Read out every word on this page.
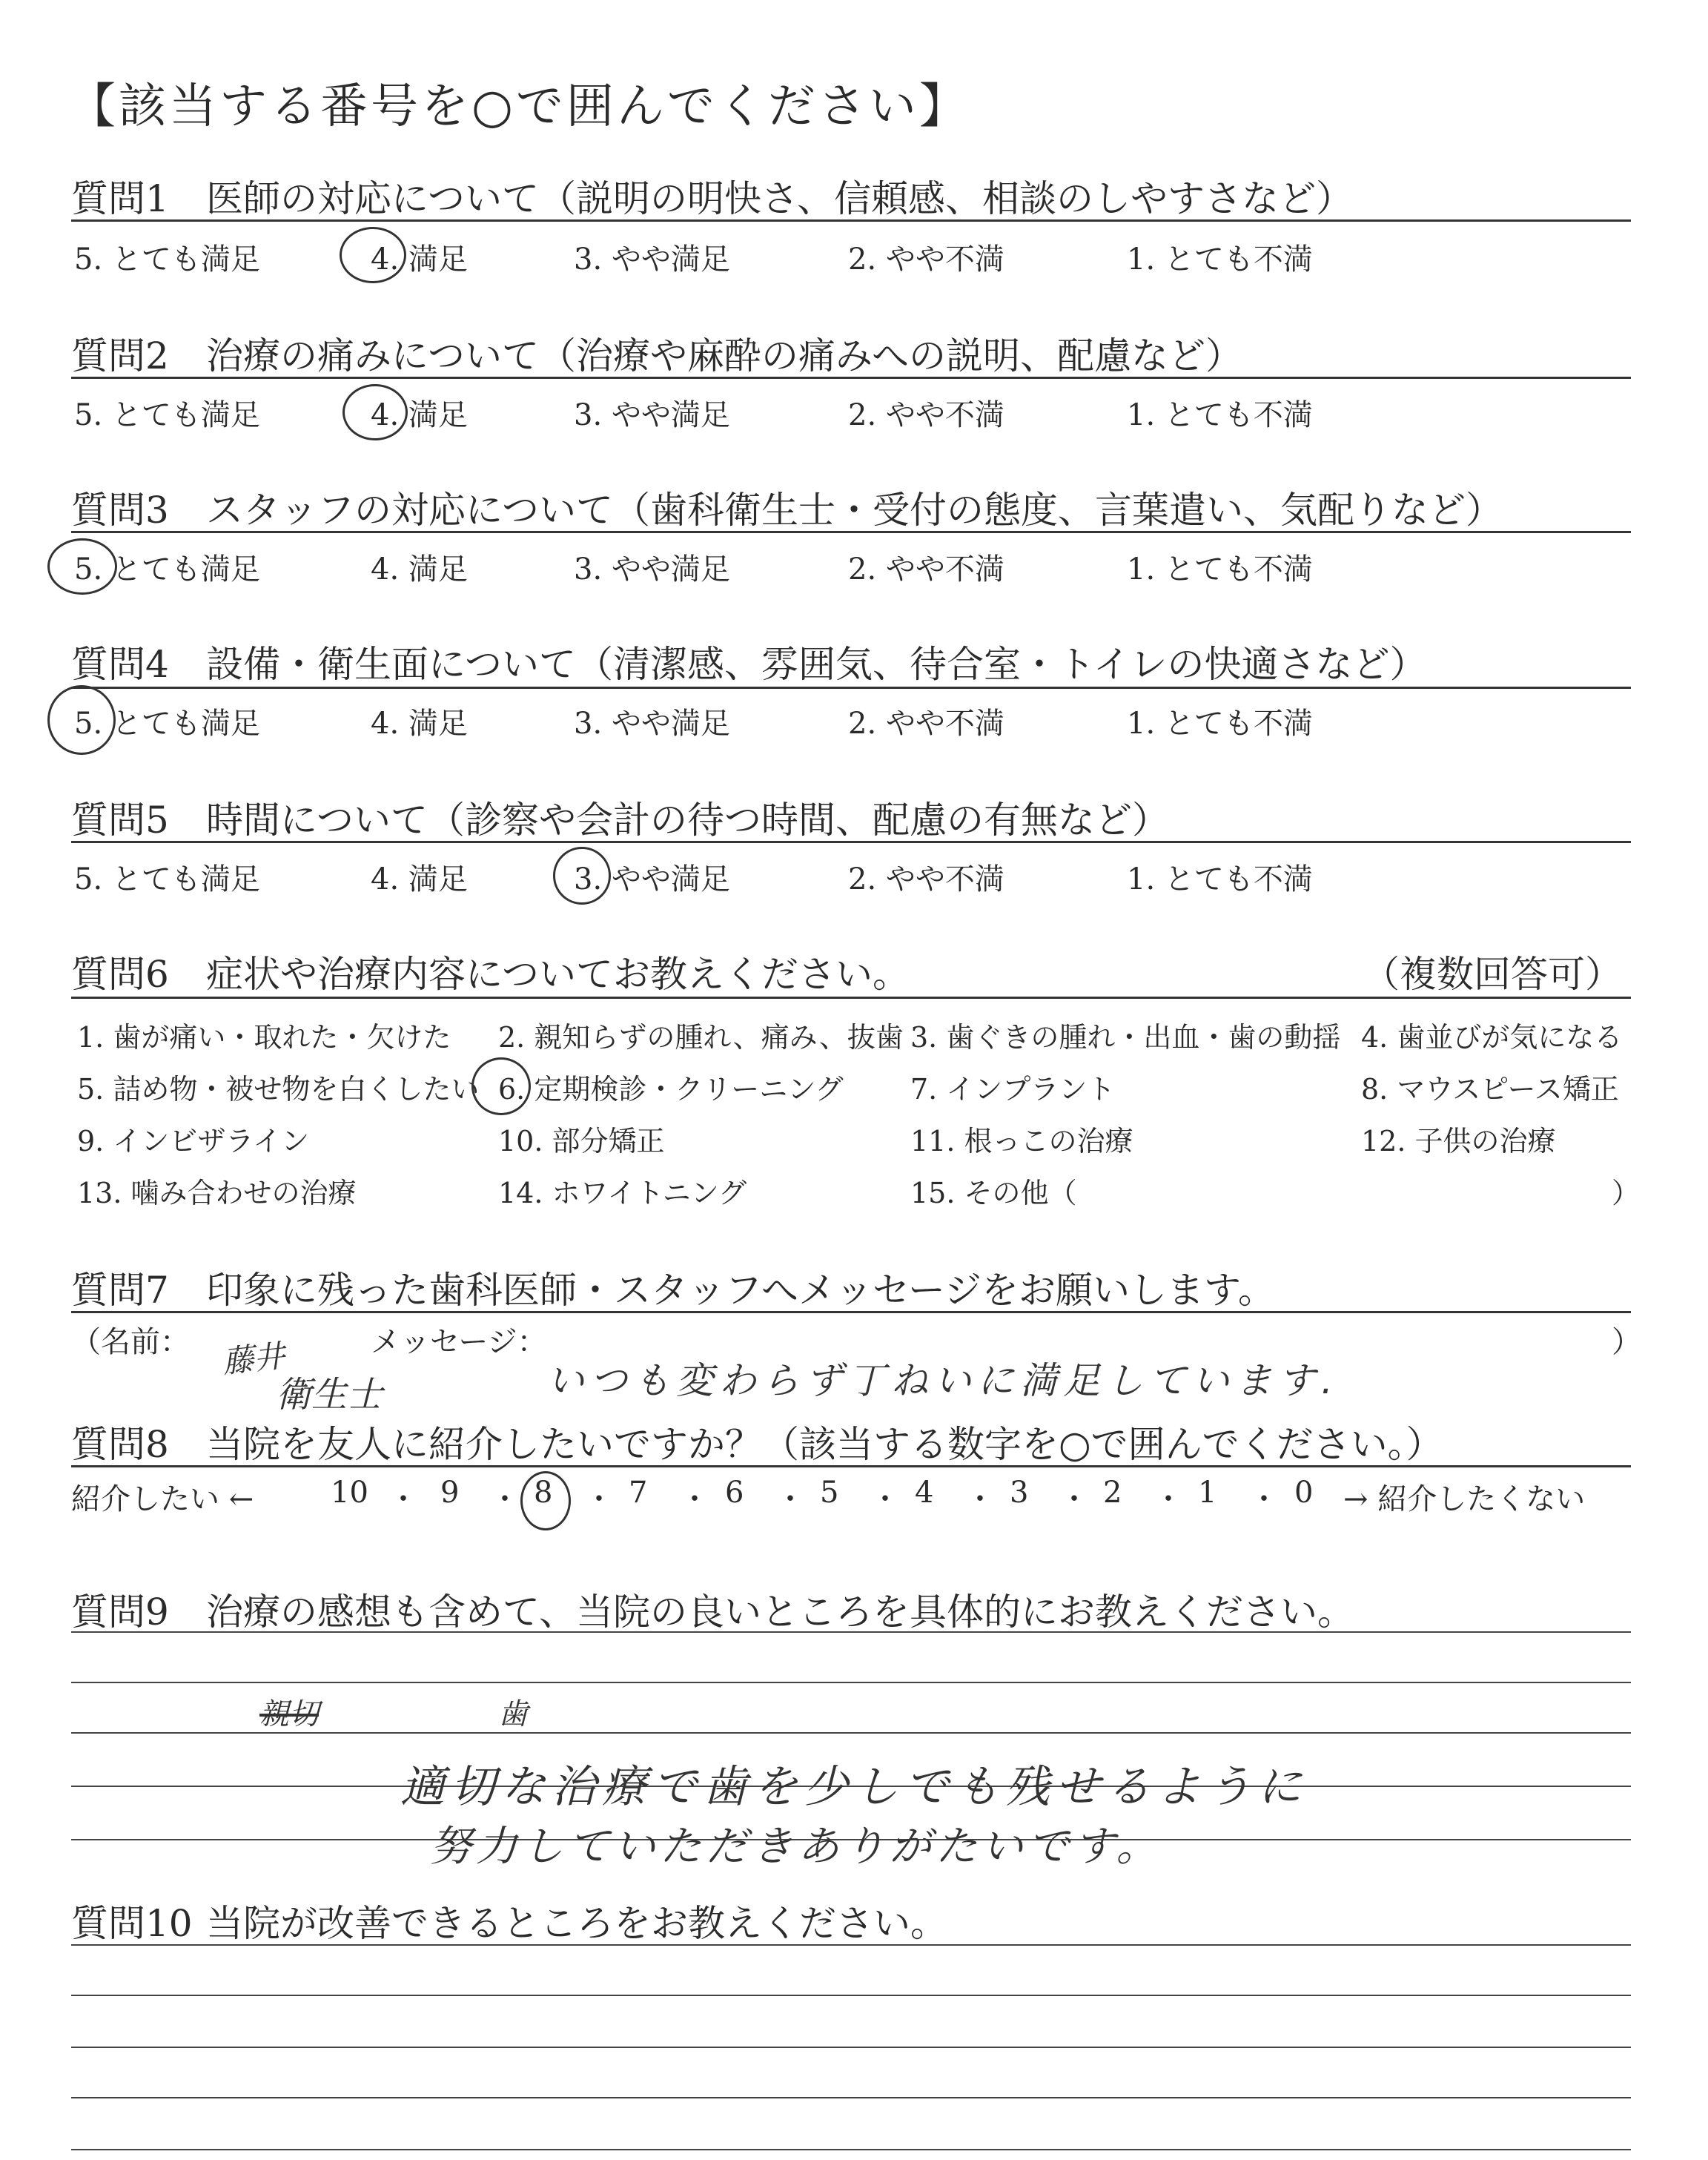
【該当する番号を○で囲んでください】
質問1 医師の対応について（説明の明快さ、信頼感、相談のしやすさなど）
5. とても満足	4. 満足	3. やや満足	2. やや不満	1. とても不満
質問2 治療の痛みについて（治療や麻酔の痛みへの説明、配慮など）
5. とても満足	4. 満足	3. やや満足	2. やや不満	1. とても不満
質問3 スタッフの対応について（歯科衛生士・受付の態度、言葉遣い、気配りなど）
5. とても満足	4. 満足	3. やや満足	2. やや不満	1. とても不満
質問4 設備・衛生面について（清潔感、雰囲気、待合室・トイレの快適さなど）
5. とても満足	4. 満足	3. やや満足	2. やや不満	1. とても不満
質問5 時間について（診察や会計の待つ時間、配慮の有無など）
5. とても満足	4. 満足	3. やや満足	2. やや不満	1. とても不満
質問6 症状や治療内容についてお教えください。	（複数回答可）
1. 歯が痛い・取れた・欠けた 2. 親知らずの腫れ、痛み、抜歯 3. 歯ぐきの腫れ・出血・歯の動揺 4. 歯並びが気になる
5. 詰め物・被せ物を白くしたい 6. 定期検診・クリーニング 7. インプラント	8. マウスピース矯正
9. インビザライン	10. 部分矯正	11. 根っこの治療	12. 子供の治療
13. 噛み合わせの治療	14. ホワイトニング	15. その他（	）
質問7 印象に残った歯科医師・スタッフへメッセージをお願いします。
（名前：	メッセージ：	）
藤井
衛生士	いつも変わらず丁ねいに満足しています.
質問8 当院を友人に紹介したいですか？（該当する数字を○で囲んでください。）
紹介したい ←	→ 紹介したくない
10 ・ 9 ・ 8 ・ 7 ・ 6 ・ 5 ・ 4 ・ 3 ・ 2 ・ 1 ・ 0
質問9 治療の感想も含めて、当院の良いところを具体的にお教えください。
親切	歯
適切な治療で歯を少しでも残せるように
努力していただきありがたいです。
質問10 当院が改善できるところをお教えください。
